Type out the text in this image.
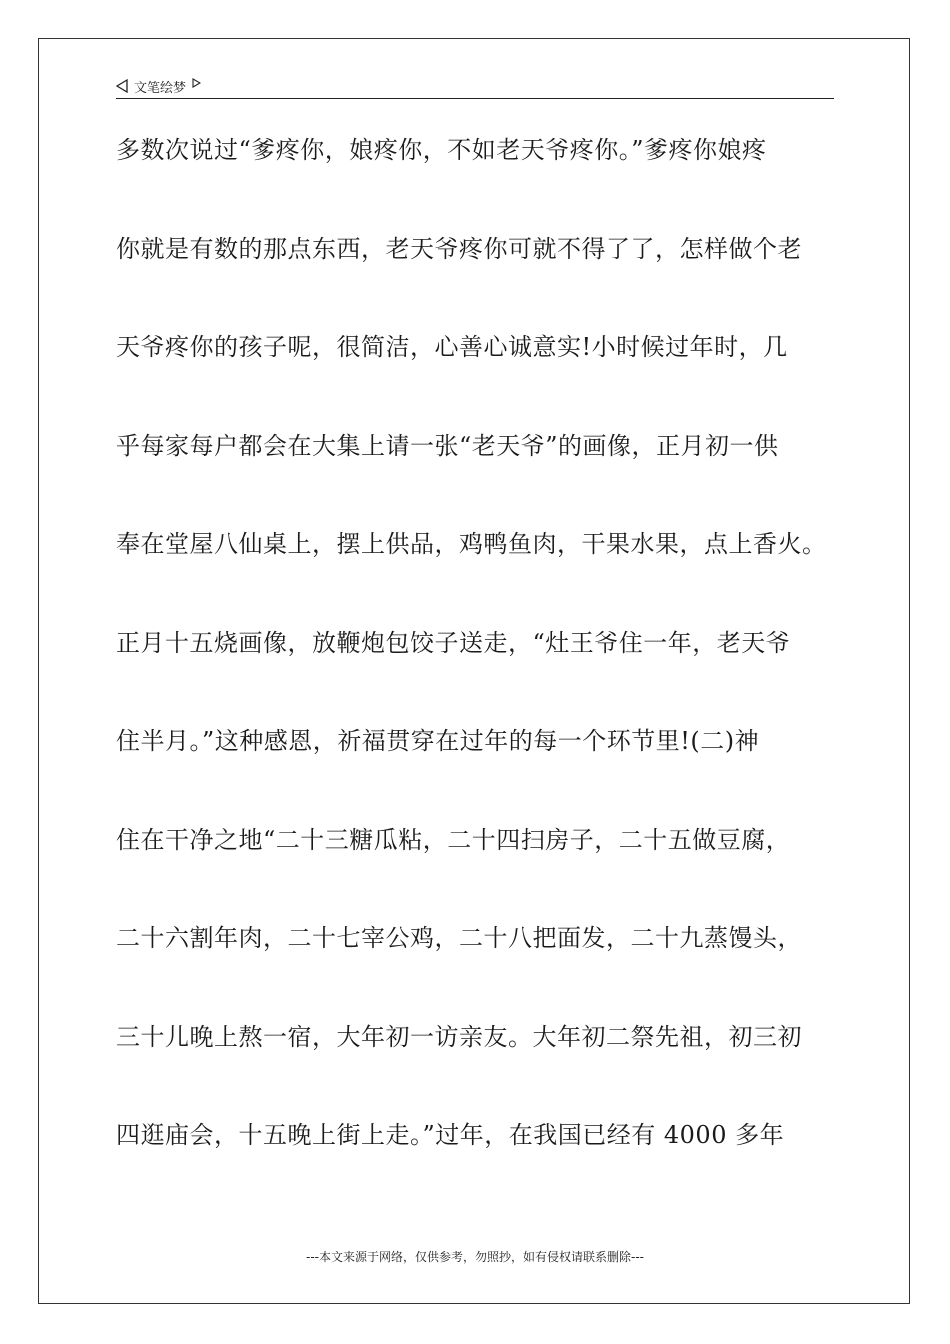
文笔绘梦
多数次说过“爹疼你，娘疼你，不如老天爷疼你。”爹疼你娘疼
你就是有数的那点东西，老天爷疼你可就不得了了，怎样做个老
天爷疼你的孩子呢，很简洁，心善心诚意实!小时候过年时，几
乎每家每户都会在大集上请一张“老天爷”的画像，正月初一供
奉在堂屋八仙桌上，摆上供品，鸡鸭鱼肉，干果水果，点上香火。
正月十五烧画像，放鞭炮包饺子送走，“灶王爷住一年，老天爷
住半月。”这种感恩，祈福贯穿在过年的每一个环节里!(二)神
住在干净之地“二十三糖瓜粘，二十四扫房子，二十五做豆腐，
二十六割年肉，二十七宰公鸡，二十八把面发，二十九蒸馒头，
三十儿晚上熬一宿，大年初一访亲友。大年初二祭先祖，初三初
四逛庙会，十五晚上街上走。”过年，在我国已经有 4000 多年
---本文来源于网络，仅供参考，勿照抄，如有侵权请联系删除---
